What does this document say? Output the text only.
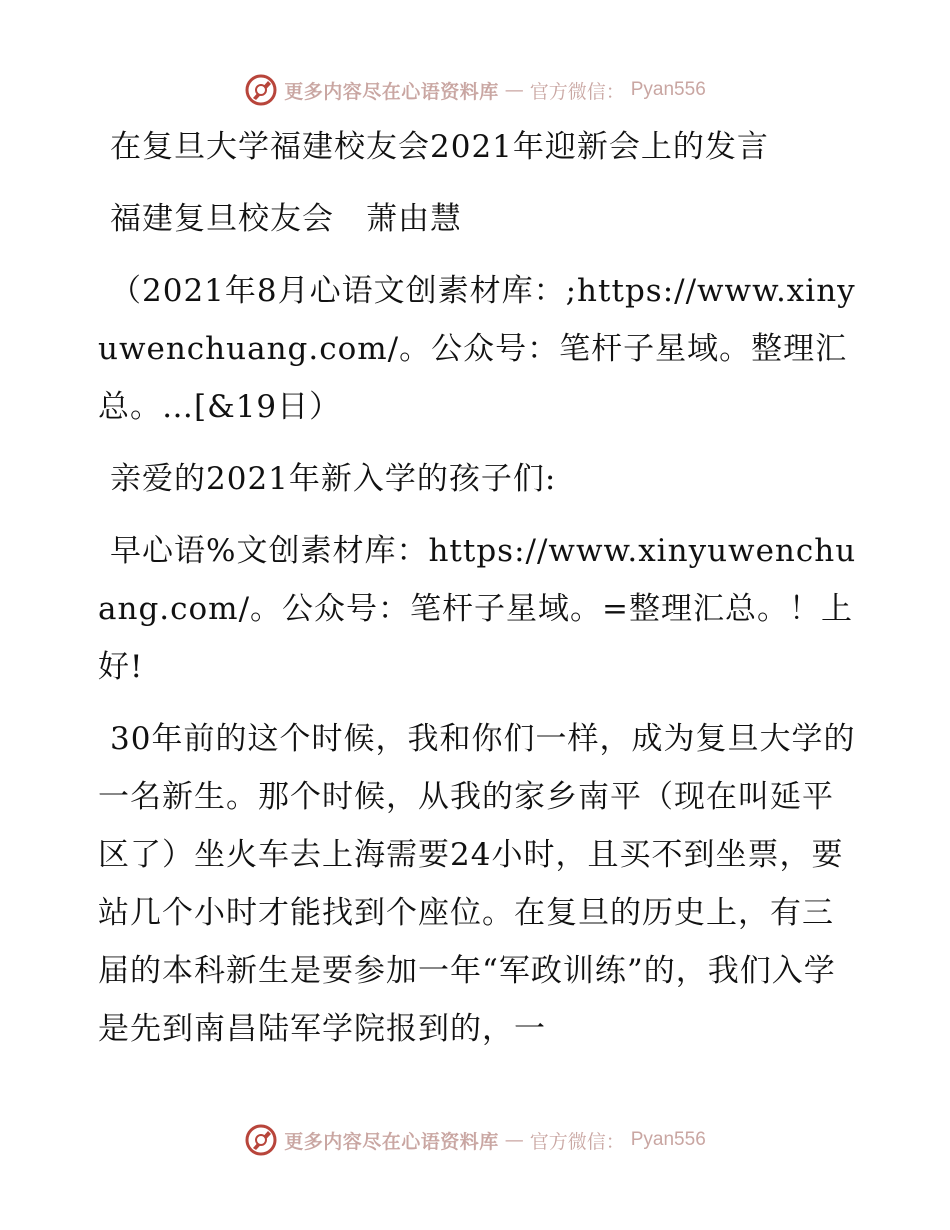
更多内容尽在心语资料库 — 官方微信： Pyan556

在复旦大学福建校友会2021年迎新会上的发言

福建复旦校友会　萧由慧

（2021年8月心语文创素材库：;https://www.xinyuwenchuang.com/。公众号：笔杆子星域。整理汇总。…[&19日）

亲爱的2021年新入学的孩子们:

早心语%文创素材库：https://www.xinyuwenchuang.com/。公众号：笔杆子星域。=整理汇总。！上好!

30年前的这个时候，我和你们一样，成为复旦大学的一名新生。那个时候，从我的家乡南平（现在叫延平区了）坐火车去上海需要24小时，且买不到坐票，要站几个小时才能找到个座位。在复旦的历史上，有三届的本科新生是要参加一年“军政训练”的，我们入学是先到南昌陆军学院报到的，一

更多内容尽在心语资料库 — 官方微信： Pyan556
